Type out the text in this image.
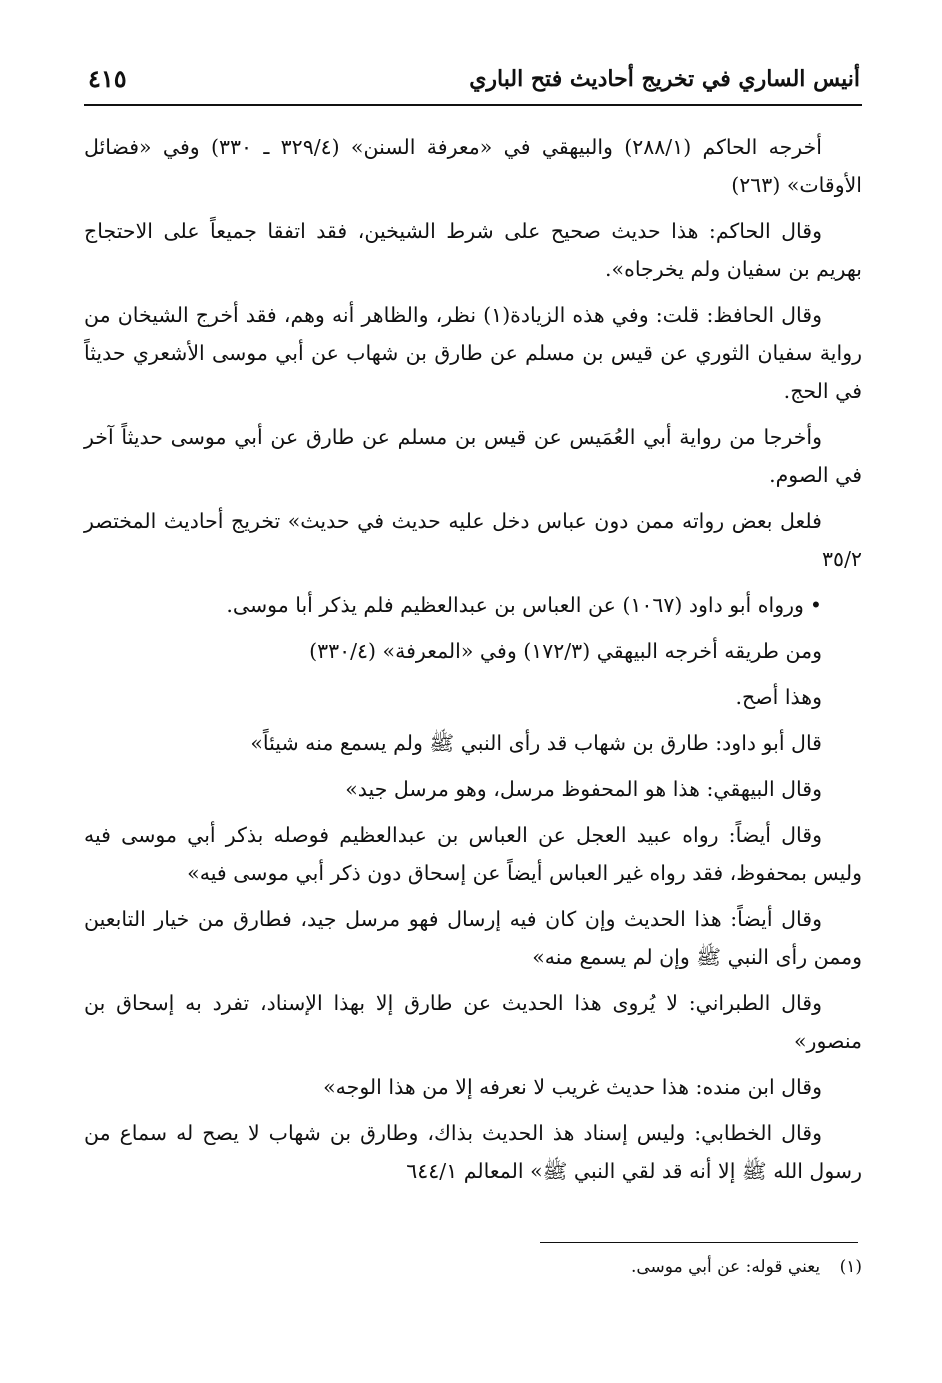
٤١٥	أنيس الساري في تخريج أحاديث فتح الباري

أخرجه الحاكم (٢٨٨/١) والبيهقي في «معرفة السنن» (٣٢٩/٤ ـ ٣٣٠) وفي «فضائل الأوقات» (٢٦٣)

وقال الحاكم: هذا حديث صحيح على شرط الشيخين، فقد اتفقا جميعاً على الاحتجاج بهريم بن سفيان ولم يخرجاه».

وقال الحافظ: قلت: وفي هذه الزيادة(١) نظر، والظاهر أنه وهم، فقد أخرج الشيخان من رواية سفيان الثوري عن قيس بن مسلم عن طارق بن شهاب عن أبي موسى الأشعري حديثاً في الحج.

وأخرجا من رواية أبي العُمَيس عن قيس بن مسلم عن طارق عن أبي موسى حديثاً آخر في الصوم.

فلعل بعض رواته ممن دون عباس دخل عليه حديث في حديث» تخريج أحاديث المختصر ٣٥/٢

•ورواه أبو داود (١٠٦٧) عن العباس بن عبدالعظيم فلم يذكر أبا موسى.

ومن طريقه أخرجه البيهقي (١٧٢/٣) وفي «المعرفة» (٣٣٠/٤)

وهذا أصح.

قال أبو داود: طارق بن شهاب قد رأى النبي ﷺ ولم يسمع منه شيئاً»

وقال البيهقي: هذا هو المحفوظ مرسل، وهو مرسل جيد»

وقال أيضاً: رواه عبيد العجل عن العباس بن عبدالعظيم فوصله بذكر أبي موسى فيه وليس بمحفوظ، فقد رواه غير العباس أيضاً عن إسحاق دون ذكر أبي موسى فيه»

وقال أيضاً: هذا الحديث وإن كان فيه إرسال فهو مرسل جيد، فطارق من خيار التابعين وممن رأى النبي ﷺ وإن لم يسمع منه»

وقال الطبراني: لا يُروى هذا الحديث عن طارق إلا بهذا الإسناد، تفرد به إسحاق بن منصور»

وقال ابن منده: هذا حديث غريب لا نعرفه إلا من هذا الوجه»

وقال الخطابي: وليس إسناد هذ الحديث بذاك، وطارق بن شهاب لا يصح له سماع من رسول الله ﷺ إلا أنه قد لقي النبي ﷺ» المعالم ٦٤٤/١

(١) يعني قوله: عن أبي موسى.
